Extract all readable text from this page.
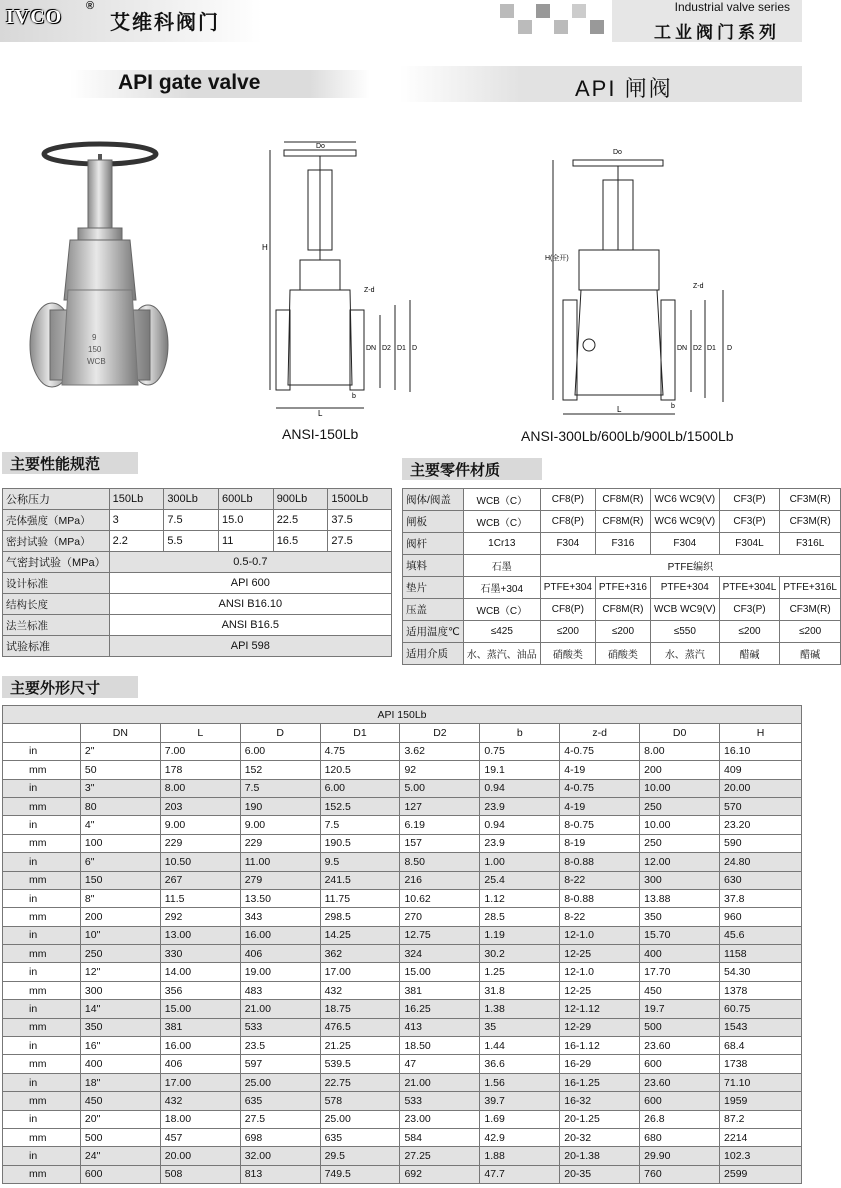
IVCO ®
艾维科阀门
Industrial valve series
工业阀门系列
API gate valve	API 闸阀
9
150
WCB
Do
H
Z-d
DN D2 D1 D
b
L
Do
H(全开)
Z-d
DN D2 D1 D
b
L
ANSI-150Lb	ANSI-300Lb/600Lb/900Lb/1500Lb
主要性能规范	主要零件材质
主要外形尺寸
公称压力	150Lb	300Lb	600Lb	900Lb	1500Lb
壳体强度（MPa）	3	7.5	15.0	22.5	37.5
密封试验（MPa）	2.2	5.5	11	16.5	27.5
气密封试验（MPa）	0.5-0.7				
设计标准	API 600				
结构长度	ANSI B16.10				
法兰标准	ANSI B16.5				
试验标准	API 598				
阀体/阀盖	WCB（C）	CF8(P)	CF8M(R)	WC6 WC9(V)	CF3(P)	CF3M(R)
闸板	WCB（C）	CF8(P)	CF8M(R)	WC6 WC9(V)	CF3(P)	CF3M(R)
阀杆	1Cr13	F304	F316	F304	F304L	F316L
填料	石墨	PTFE编织				
垫片	石墨+304	PTFE+304	PTFE+316	PTFE+304	PTFE+304L	PTFE+316L
压盖	WCB（C）	CF8(P)	CF8M(R)	WCB WC9(V)	CF3(P)	CF3M(R)
适用温度℃	≤425	≤200	≤200	≤550	≤200	≤200
适用介质	水、蒸汽、油品	硝酸类	硝酸类	水、蒸汽	醋碱	醋碱
API 150Lb									
	DN	L	D	D1	D2	b	z-d	D0	H
in	2"	7.00	6.00	4.75	3.62	0.75	4-0.75	8.00	16.10
mm	50	178	152	120.5	92	19.1	4-19	200	409
in	3"	8.00	7.5	6.00	5.00	0.94	4-0.75	10.00	20.00
mm	80	203	190	152.5	127	23.9	4-19	250	570
in	4"	9.00	9.00	7.5	6.19	0.94	8-0.75	10.00	23.20
mm	100	229	229	190.5	157	23.9	8-19	250	590
in	6"	10.50	11.00	9.5	8.50	1.00	8-0.88	12.00	24.80
mm	150	267	279	241.5	216	25.4	8-22	300	630
in	8"	11.5	13.50	11.75	10.62	1.12	8-0.88	13.88	37.8
mm	200	292	343	298.5	270	28.5	8-22	350	960
in	10"	13.00	16.00	14.25	12.75	1.19	12-1.0	15.70	45.6
mm	250	330	406	362	324	30.2	12-25	400	1158
in	12"	14.00	19.00	17.00	15.00	1.25	12-1.0	17.70	54.30
mm	300	356	483	432	381	31.8	12-25	450	1378
in	14"	15.00	21.00	18.75	16.25	1.38	12-1.12	19.7	60.75
mm	350	381	533	476.5	413	35	12-29	500	1543
in	16"	16.00	23.5	21.25	18.50	1.44	16-1.12	23.60	68.4
mm	400	406	597	539.5	47	36.6	16-29	600	1738
in	18"	17.00	25.00	22.75	21.00	1.56	16-1.25	23.60	71.10
mm	450	432	635	578	533	39.7	16-32	600	1959
in	20"	18.00	27.5	25.00	23.00	1.69	20-1.25	26.8	87.2
mm	500	457	698	635	584	42.9	20-32	680	2214
in	24"	20.00	32.00	29.5	27.25	1.88	20-1.38	29.90	102.3
mm	600	508	813	749.5	692	47.7	20-35	760	2599
